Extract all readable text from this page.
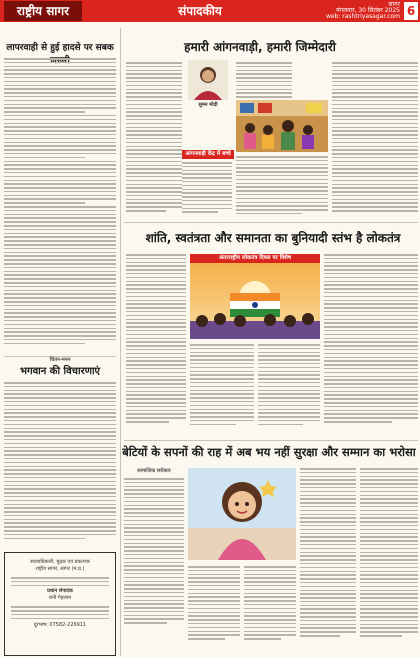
राष्ट्रीय सागर	संपादकीय	सागर
मंगलवार, 30 सितंबर 2025
web: rashtriyasagar.com 6
लापरवाही से हुई हादसे पर सबक
चिंतन-मनन
भगवान की विचारणाएं
स्वत्वाधिकारी, मुद्रक एवं प्रकाशक
राष्ट्रीय सागर, सागर (म.प्र.)
प्रधान संपादक
रानी गेहलाम
दूरभाष: 07582-226911
हमारी आंगनवाड़ी, हमारी जिम्मेदारी
सुमन मोदी
आंगनवाड़ी केंद्र में बच्चे
शांति, स्वतंत्रता और समानता का बुनियादी स्तंभ है लोकतंत्र
अंतरराष्ट्रीय लोकतंत्र दिवस पर विशेष
बेटियों के सपनों की राह में अब भय नहीं सुरक्षा और सम्मान का भरोसा
सामाजिक सरोकार
